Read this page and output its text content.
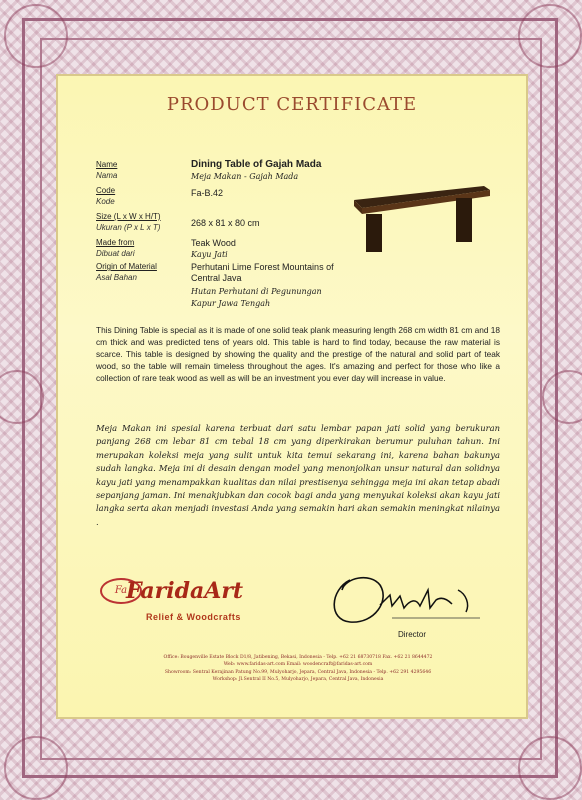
PRODUCT CERTIFICATE
Name
Nama
Dining Table of Gajah Mada
Meja Makan - Gajah Mada
Code
Kode
Fa-B.42
Size (L x W x H/T)
Ukuran (P x L x T)	268 x 81 x 80 cm
Made from
Dibuat dari
Teak Wood
Kayu Jati
Origin of Material
Asal Bahan
Perhutani Lime Forest Mountains of Central Java
Hutan Perhutani di Pegunungan Kapur Jawa Tengah

This Dining Table is special as it is made of one solid teak plank measuring length 268 cm width 81 cm and 18 cm thick and was predicted tens of years old. This table is hard to find today, because the raw material is scarce. This table is designed by showing the quality and the prestige of the natural and solid part of teak wood, so the table will remain timeless throughout the ages. It's amazing and perfect for those who like a collection of rare teak wood as well as will be an investment you ever day will increase in value.

Meja Makan ini spesial karena terbuat dari satu lembar papan jati solid yang berukuran panjang 268 cm lebar 81 cm tebal 18 cm yang diperkirakan berumur puluhan tahun. Ini merupakan koleksi meja yang sulit untuk kita temui sekarang ini, karena bahan bakunya sudah langka. Meja ini di desain dengan model yang menonjolkan unsur natural dan solidnya kayu jati yang menampakkan kualitas dan nilai prestisenya sehingga meja ini akan tetap abadi sepanjang jaman. Ini menakjubkan dan cocok bagi anda yang menyukai koleksi akan kayu jati langka serta akan menjadi investasi Anda yang semakin hari akan semakin meningkat nilainya .

Fa
FaridaArt
Relief & Woodcrafts
Director
Office: Bougenville Estate Block D1/8, Jatibening, Bekasi, Indonesia - Telp. +62 21 68730718 Fax. +62 21 8644472
Web: www.faridas-art.com Email: woodencraft@faridas-art.com
Showroom: Sentral Kerajinan Patung No.99, Mulyoharjo, Jepara, Central Java, Indonesia - Telp. +62 291 4295646
Workshop: Jl.Sentral II No.5, Mulyoharjo, Jepara, Central Java, Indonesia
